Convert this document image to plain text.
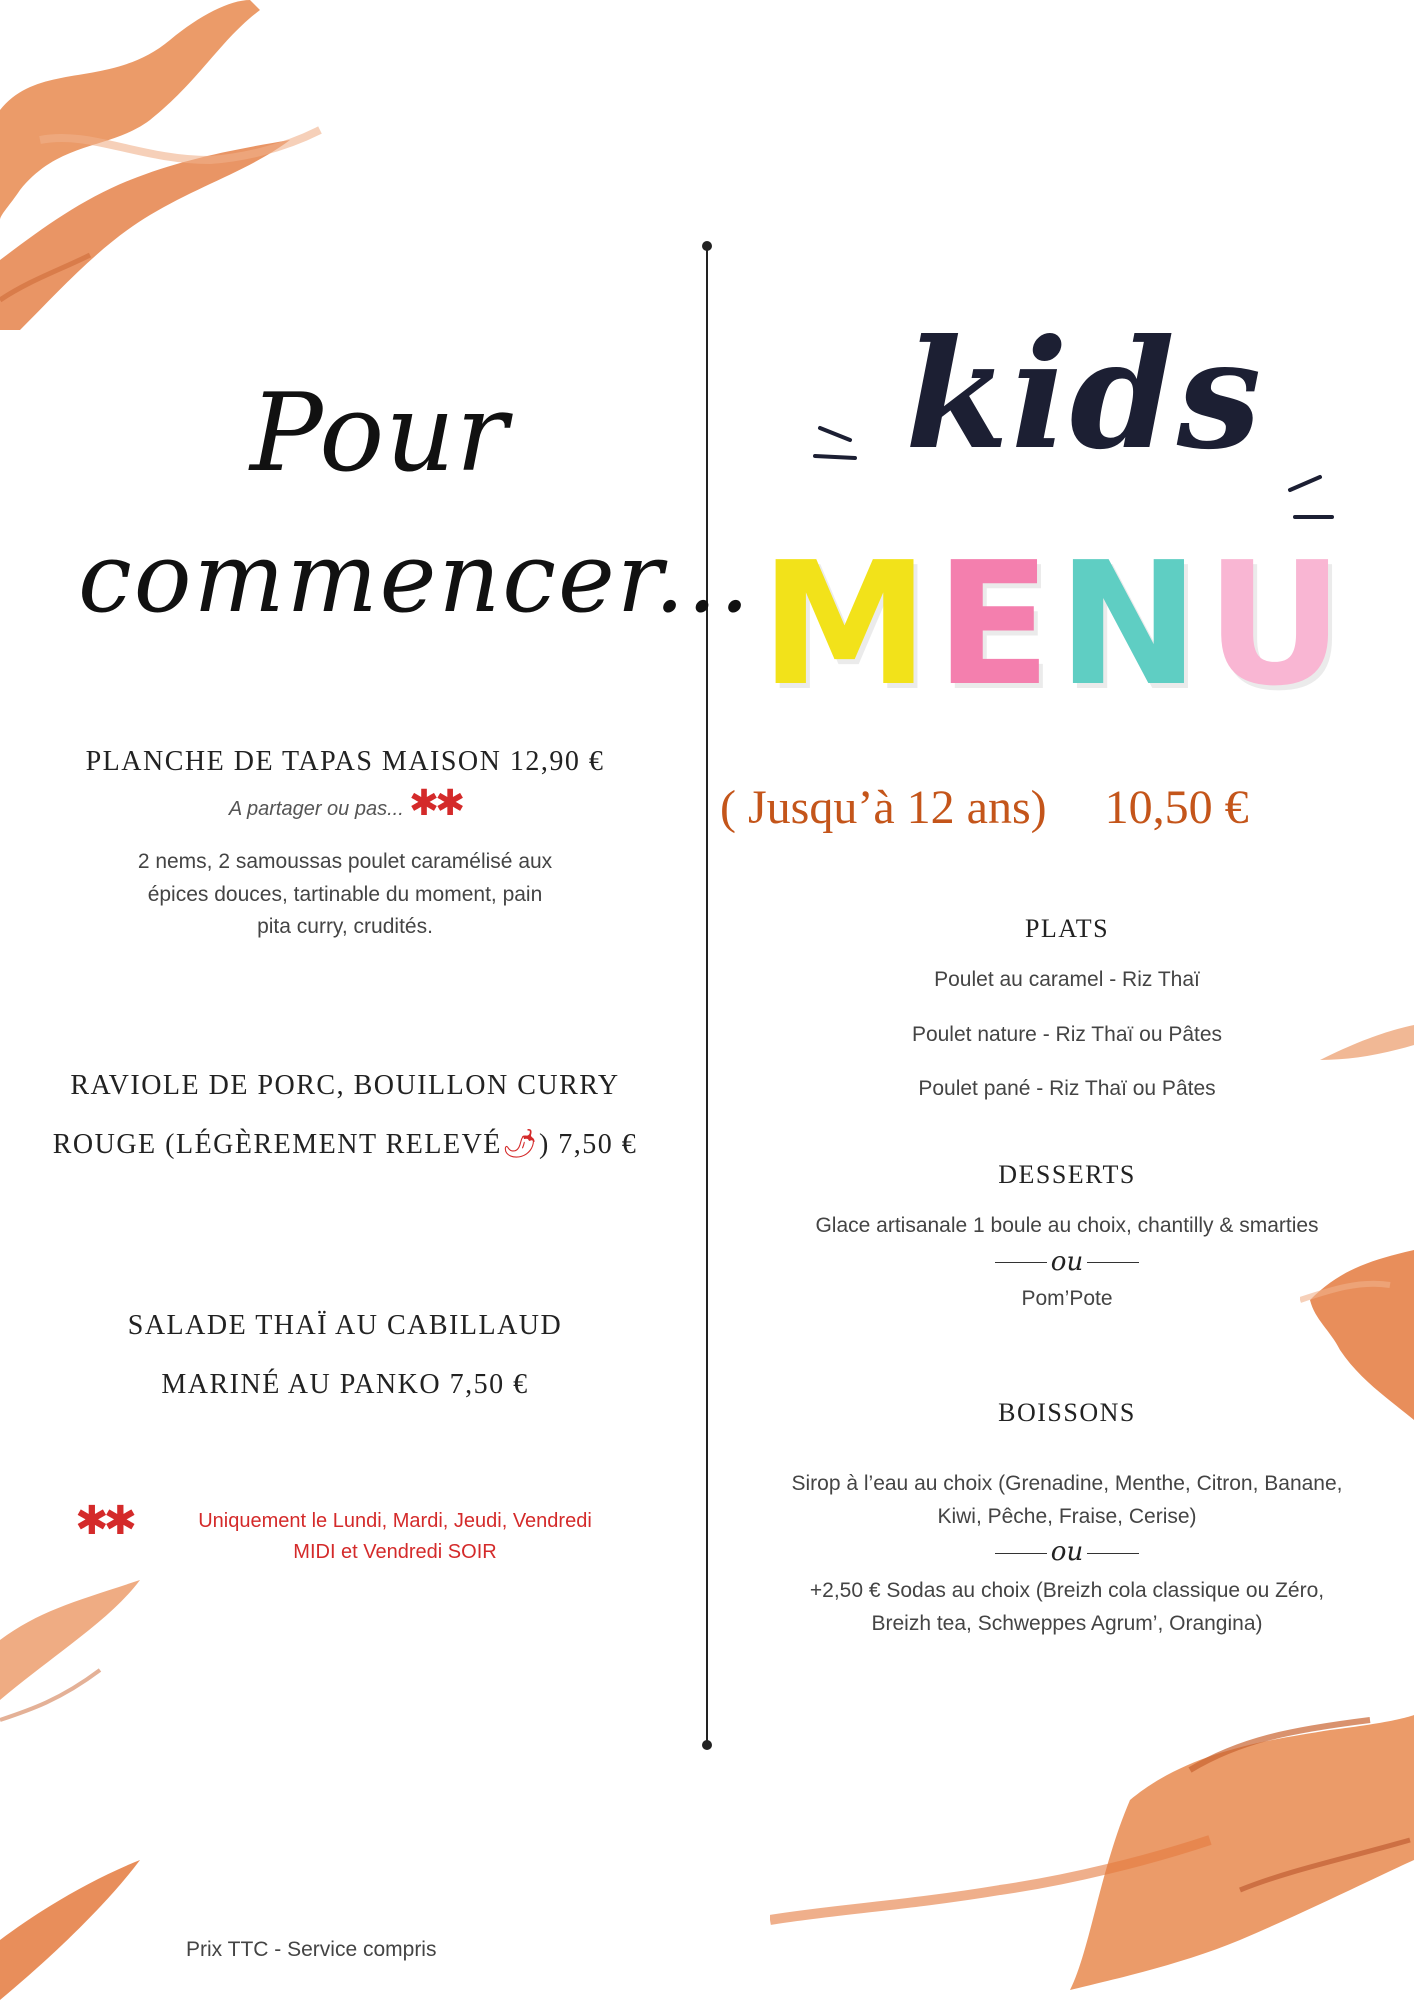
Pour
commencer...
PLANCHE DE TAPAS MAISON 12,90 €
A partager ou pas... ✱✱
2 nems, 2 samoussas poulet caramélisé aux
épices douces, tartinable du moment, pain
pita curry, crudités.
RAVIOLE DE PORC, BOUILLON CURRY
ROUGE (LÉGÈREMENT RELEVÉ🌶) 7,50 €
SALADE THAÏ AU CABILLAUD
MARINÉ AU PANKO 7,50 €
✱✱	Uniquement le Lundi, Mardi, Jeudi, Vendredi
MIDI et Vendredi SOIR
Prix TTC - Service compris
kids
MENU
( Jusqu’à 12 ans) 10,50 €
PLATS
Poulet au caramel - Riz Thaï
Poulet nature - Riz Thaï ou Pâtes
Poulet pané - Riz Thaï ou Pâtes
DESSERTS
Glace artisanale 1 boule au choix, chantilly & smarties
ou
Pom’Pote
BOISSONS
Sirop à l’eau au choix (Grenadine, Menthe, Citron, Banane,
Kiwi, Pêche, Fraise, Cerise)
ou
+2,50 € Sodas au choix (Breizh cola classique ou Zéro,
Breizh tea, Schweppes Agrum’, Orangina)
